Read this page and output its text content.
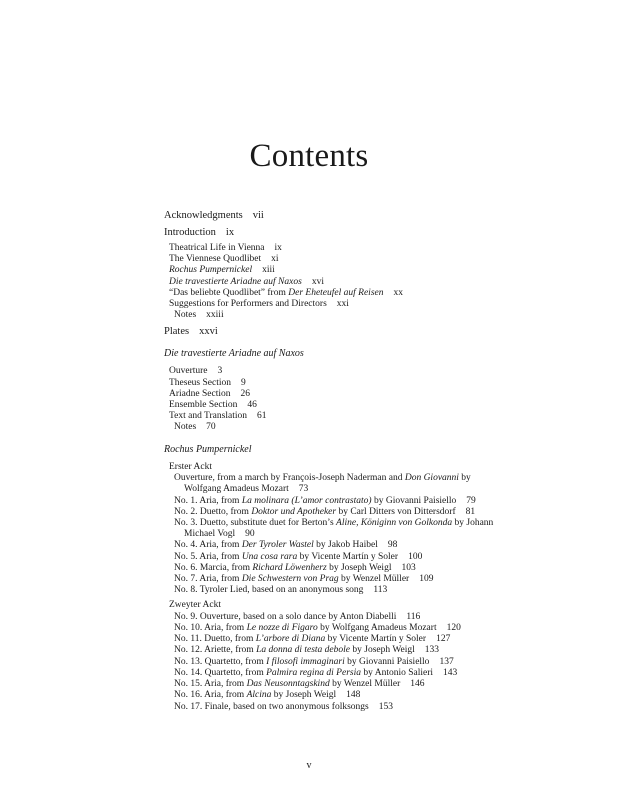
Contents
Acknowledgments vii
Introduction ix
Theatrical Life in Vienna ix
The Viennese Quodlibet xi
Rochus Pumpernickel xiii
Die travestierte Ariadne auf Naxos xvi
“Das beliebte Quodlibet” from Der Eheteufel auf Reisen xx
Suggestions for Performers and Directors xxi
Notes xxiii
Plates xxvi
Die travestierte Ariadne auf Naxos
Ouverture 3
Theseus Section 9
Ariadne Section 26
Ensemble Section 46
Text and Translation 61
Notes 70
Rochus Pumpernickel
Erster Ackt
Ouverture, from a march by François-Joseph Naderman and Don Giovanni by
Wolfgang Amadeus Mozart 73
No. 1. Aria, from La molinara (L’amor contrastato) by Giovanni Paisiello 79
No. 2. Duetto, from Doktor und Apotheker by Carl Ditters von Dittersdorf 81
No. 3. Duetto, substitute duet for Berton’s Aline, Königinn von Golkonda by Johann
Michael Vogl 90
No. 4. Aria, from Der Tyroler Wastel by Jakob Haibel 98
No. 5. Aria, from Una cosa rara by Vicente Martín y Soler 100
No. 6. Marcia, from Richard Löwenherz by Joseph Weigl 103
No. 7. Aria, from Die Schwestern von Prag by Wenzel Müller 109
No. 8. Tyroler Lied, based on an anonymous song 113
Zweyter Ackt
No. 9. Ouverture, based on a solo dance by Anton Diabelli 116
No. 10. Aria, from Le nozze di Figaro by Wolfgang Amadeus Mozart 120
No. 11. Duetto, from L’arbore di Diana by Vicente Martín y Soler 127
No. 12. Ariette, from La donna di testa debole by Joseph Weigl 133
No. 13. Quartetto, from I filosofi immaginari by Giovanni Paisiello 137
No. 14. Quartetto, from Palmira regina di Persia by Antonio Salieri 143
No. 15. Aria, from Das Neusonntagskind by Wenzel Müller 146
No. 16. Aria, from Alcina by Joseph Weigl 148
No. 17. Finale, based on two anonymous folksongs 153
v
